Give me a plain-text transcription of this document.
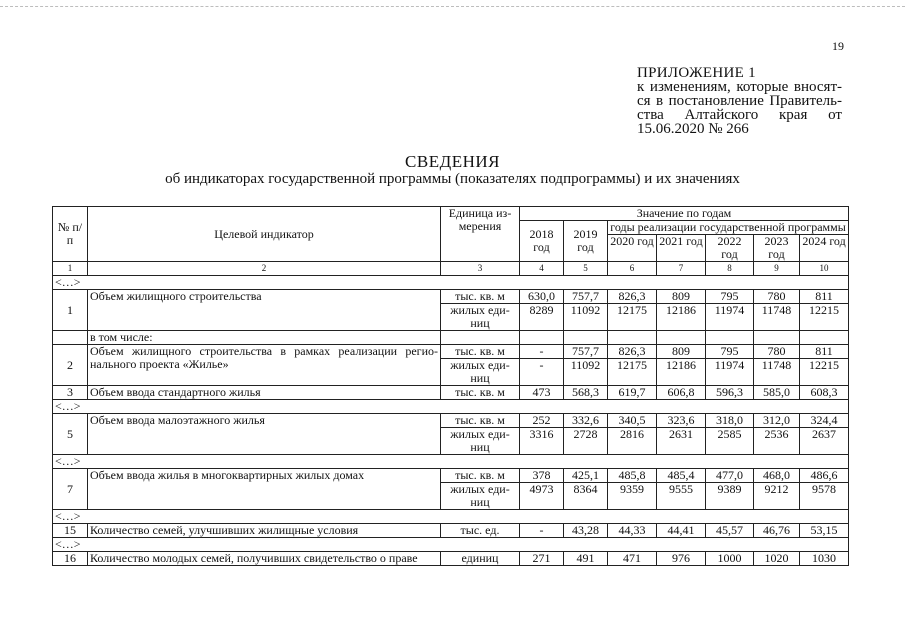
19
ПРИЛОЖЕНИЕ 1
к изменениям, которые вносятся в постановление Правительства Алтайского края от 15.06.2020 № 266
СВЕДЕНИЯ
об индикаторах государственной программы (показателях подпрограммы) и их значениях
№ п/п	Целевой индикатор	Единица измерения	Значение по годам						
			2018 год	2019 год	годы реализации государственной программы				
					2020 год	2021 год	2022 год	2023 год	2024 год
1	2	3	4	5	6	7	8	9	10
<…>									
1	Объем жилищного строительства	тыс. кв. м	630,0	757,7	826,3	809	795	780	811
		жилых единиц	8289	11092	12175	12186	11974	11748	12215
	в том числе:								
2	Объем жилищного строительства в рамках реализации регионального проекта «Жилье»	тыс. кв. м	-	757,7	826,3	809	795	780	811
		жилых единиц	-	11092	12175	12186	11974	11748	12215
3	Объем ввода стандартного жилья	тыс. кв. м	473	568,3	619,7	606,8	596,3	585,0	608,3
<…>									
5	Объем ввода малоэтажного жилья	тыс. кв. м	252	332,6	340,5	323,6	318,0	312,0	324,4
		жилых единиц	3316	2728	2816	2631	2585	2536	2637
<…>									
7	Объем ввода жилья в многоквартирных жилых домах	тыс. кв. м	378	425,1	485,8	485,4	477,0	468,0	486,6
		жилых единиц	4973	8364	9359	9555	9389	9212	9578
<…>									
15	Количество семей, улучшивших жилищные условия	тыс. ед.	-	43,28	44,33	44,41	45,57	46,76	53,15
<…>									
16	Количество молодых семей, получивших свидетельство о праве	единиц	271	491	471	976	1000	1020	1030
